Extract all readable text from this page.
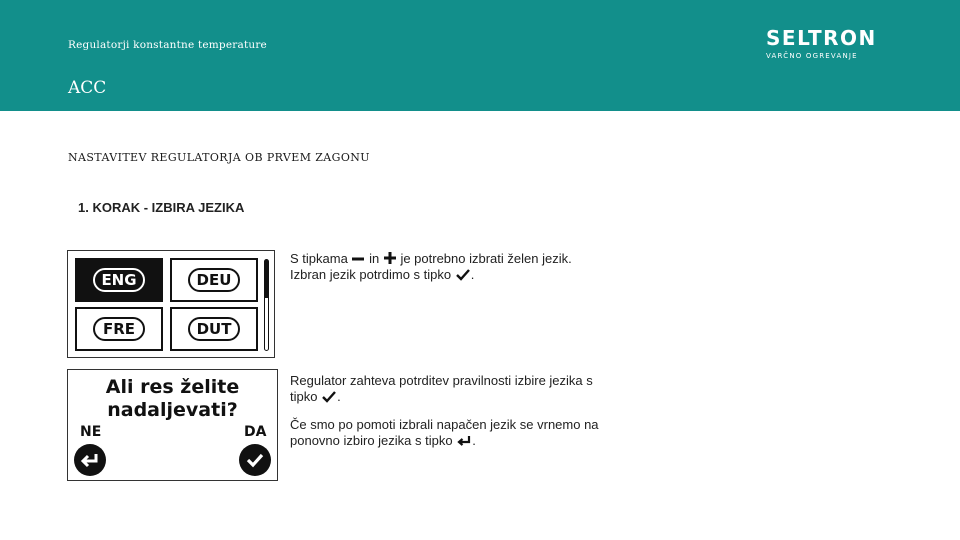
Regulatorji konstantne temperature
ACC
SELTRON
VARČNO OGREVANJE
NASTAVITEV REGULATORJA OB PRVEM ZAGONU
1. KORAK - IZBIRA JEZIKA
ENG	DEU
FRE	DUT
Ali res želite
nadaljevati?
NE	DA
S tipkama in je potrebno izbrati želen jezik.
Izbran jezik potrdimo s tipko .
Regulator zahteva potrditev pravilnosti izbire jezika s
tipko .
Če smo po pomoti izbrali napačen jezik se vrnemo na
ponovno izbiro jezika s tipko .
